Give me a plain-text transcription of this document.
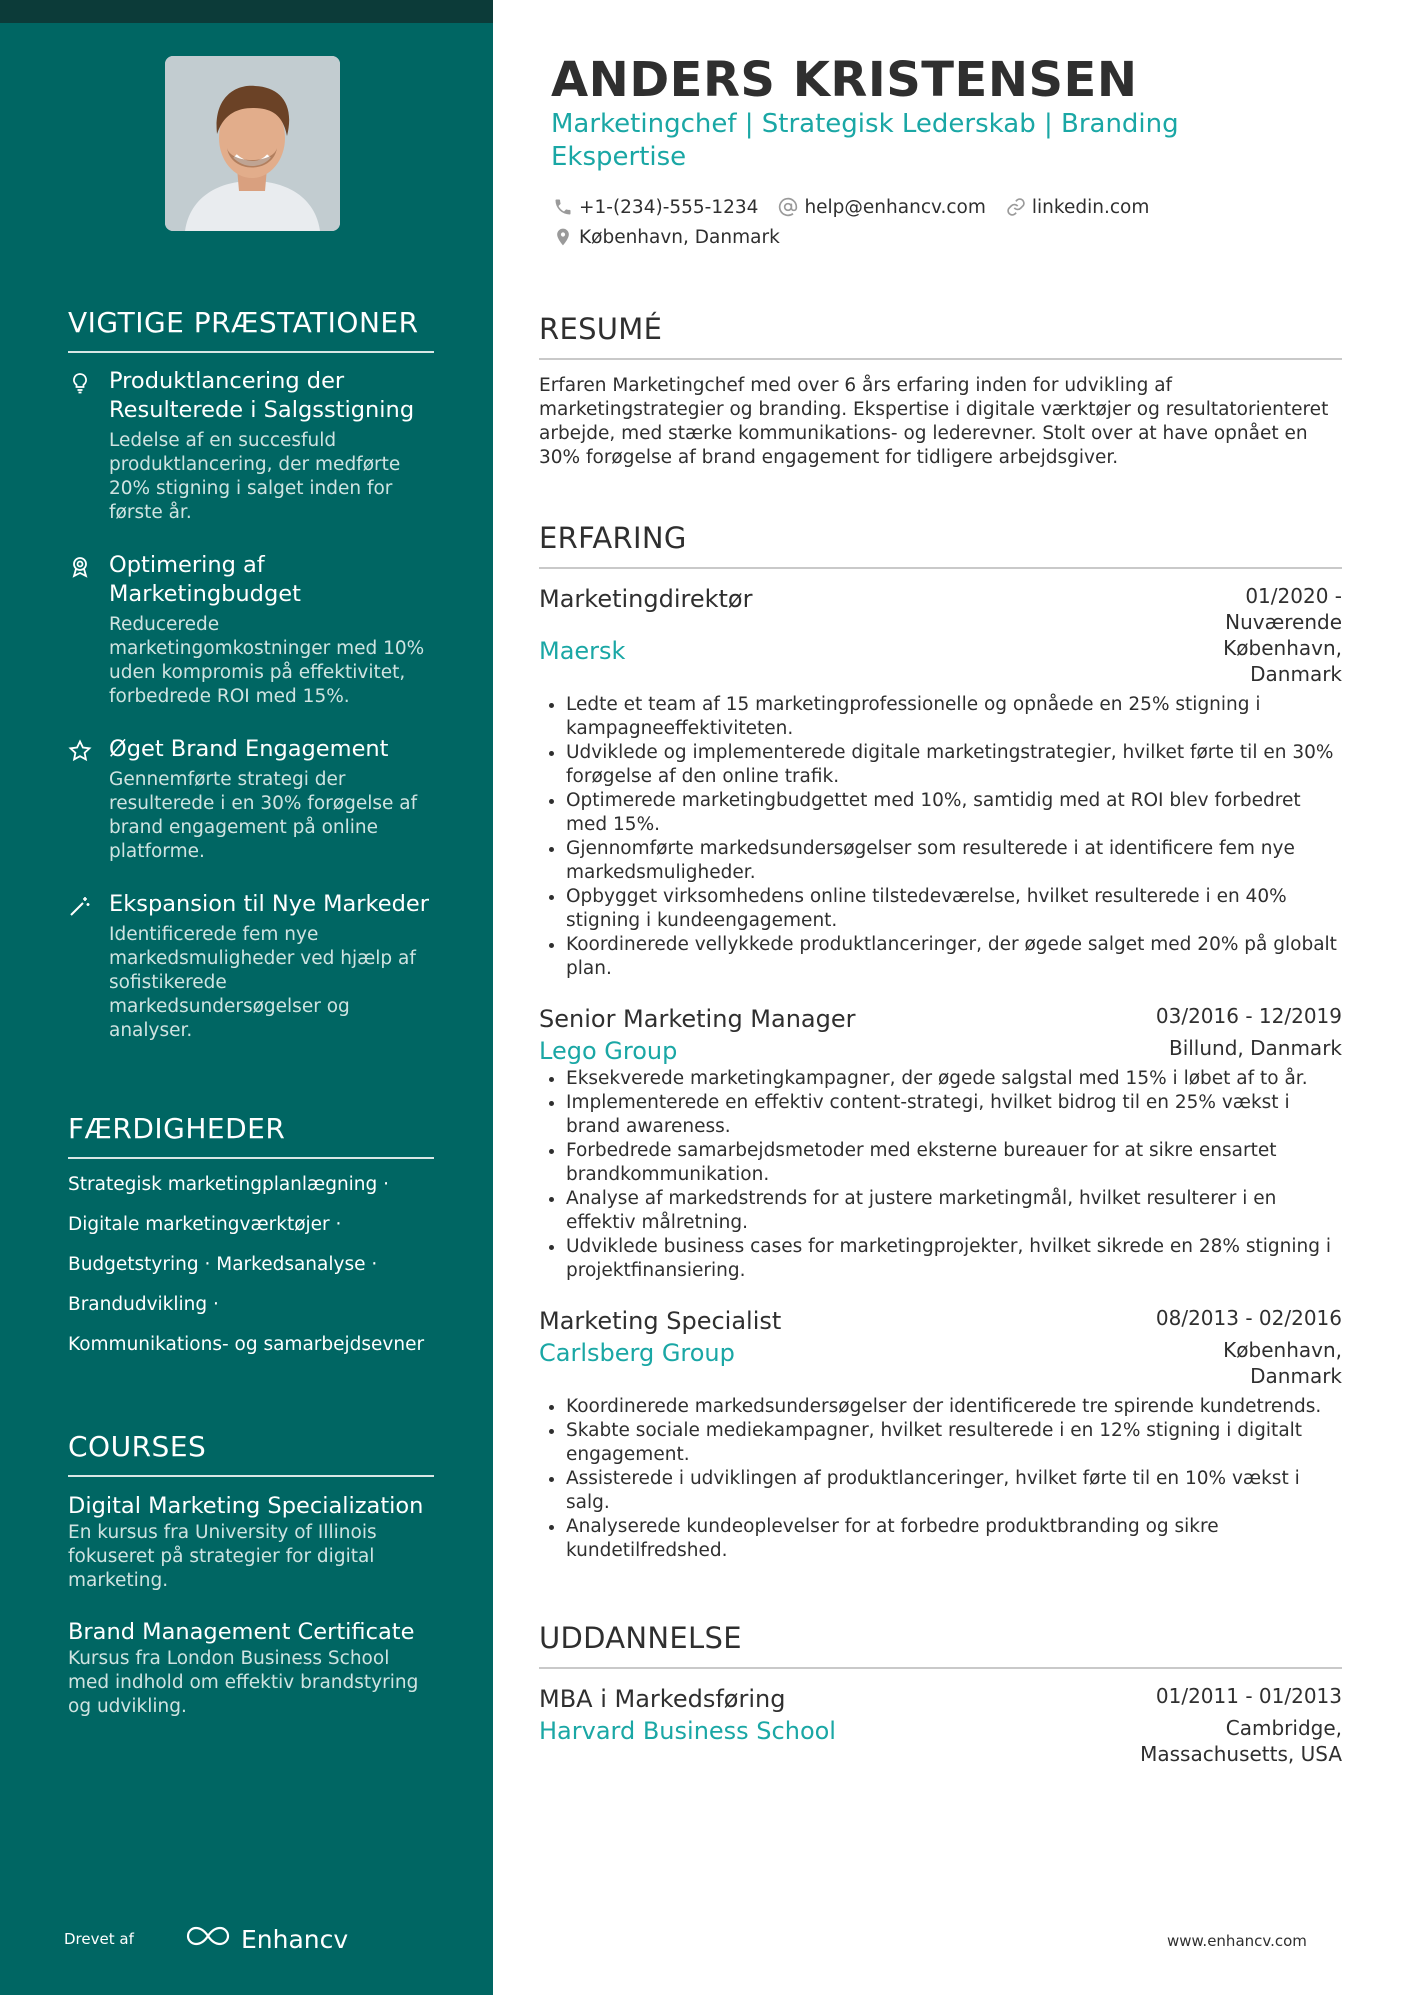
VIGTIGE PRÆSTATIONER
Produktlancering der Resulterede i Salgsstigning
Ledelse af en succesfuld produktlancering, der medførte 20% stigning i salget inden for første år.
Optimering af Marketingbudget
Reducerede marketingomkostninger med 10% uden kompromis på effektivitet, forbedrede ROI med 15%.
Øget Brand Engagement
Gennemførte strategi der resulterede i en 30% forøgelse af brand engagement på online platforme.
Ekspansion til Nye Markeder
Identificerede fem nye markedsmuligheder ved hjælp af sofistikerede markedsundersøgelser og analyser.
FÆRDIGHEDER
Strategisk marketingplanlægning ·
Digitale marketingværktøjer ·
Budgetstyring · Markedsanalyse ·
Brandudvikling ·
Kommunikations- og samarbejdsevner
COURSES
Digital Marketing Specialization
En kursus fra University of Illinois fokuseret på strategier for digital marketing.
Brand Management Certificate
Kursus fra London Business School med indhold om effektiv brandstyring og udvikling.
Drevet af	Enhancv
ANDERS KRISTENSEN
Marketingchef | Strategisk Lederskab | Branding Ekspertise
+1-(234)-555-1234 help@enhancv.com linkedin.com
København, Danmark
RESUMÉ
Erfaren Marketingchef med over 6 års erfaring inden for udvikling af marketingstrategier og branding. Ekspertise i digitale værktøjer og resultatorienteret arbejde, med stærke kommunikations- og lederevner. Stolt over at have opnået en 30% forøgelse af brand engagement for tidligere arbejdsgiver.
ERFARING
Marketingdirektør	01/2020 -
Nuværende
Maersk	København,
Danmark
• Ledte et team af 15 marketingprofessionelle og opnåede en 25% stigning i kampagneeffektiviteten.
• Udviklede og implementerede digitale marketingstrategier, hvilket førte til en 30% forøgelse af den online trafik.
• Optimerede marketingbudgettet med 10%, samtidig med at ROI blev forbedret med 15%.
• Gjennomførte markedsundersøgelser som resulterede i at identificere fem nye markedsmuligheder.
• Opbygget virksomhedens online tilstedeværelse, hvilket resulterede i en 40% stigning i kundeengagement.
• Koordinerede vellykkede produktlanceringer, der øgede salget med 20% på globalt plan.
Senior Marketing Manager	03/2016 - 12/2019
Lego Group	Billund, Danmark
• Eksekverede marketingkampagner, der øgede salgstal med 15% i løbet af to år.
• Implementerede en effektiv content-strategi, hvilket bidrog til en 25% vækst i brand awareness.
• Forbedrede samarbejdsmetoder med eksterne bureauer for at sikre ensartet brandkommunikation.
• Analyse af markedstrends for at justere marketingmål, hvilket resulterer i en effektiv målretning.
• Udviklede business cases for marketingprojekter, hvilket sikrede en 28% stigning i projektfinansiering.
Marketing Specialist	08/2013 - 02/2016
Carlsberg Group	København,
Danmark
• Koordinerede markedsundersøgelser der identificerede tre spirende kundetrends.
• Skabte sociale mediekampagner, hvilket resulterede i en 12% stigning i digitalt engagement.
• Assisterede i udviklingen af produktlanceringer, hvilket førte til en 10% vækst i salg.
• Analyserede kundeoplevelser for at forbedre produktbranding og sikre kundetilfredshed.
UDDANNELSE
MBA i Markedsføring	01/2011 - 01/2013
Harvard Business School	Cambridge,
Massachusetts, USA
www.enhancv.com
